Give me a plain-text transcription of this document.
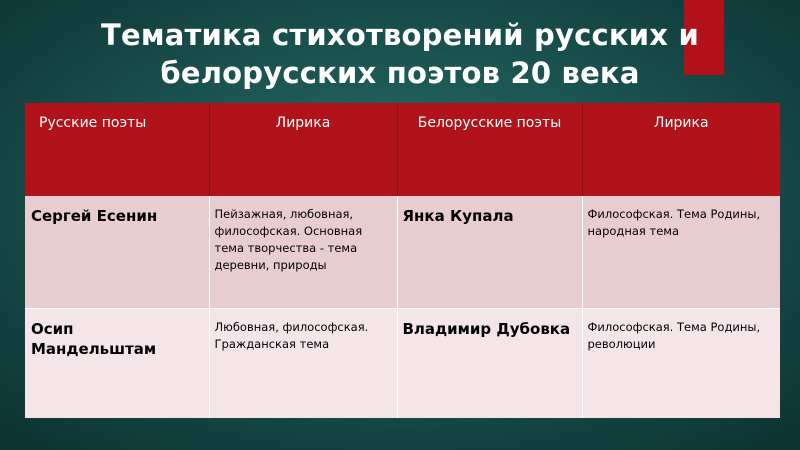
Тематика стихотворений русских и
белорусских поэтов 20 века
Русские поэты	Лирика	Белорусские поэты	Лирика
Сергей Есенин	Пейзажная, любовная, философская. Основная тема творчества - тема деревни, природы	Янка Купала	Философская. Тема Родины, народная тема
Осип Мандельштам	Любовная, философская. Гражданская тема	Владимир Дубовка	Философская. Тема Родины, революции
